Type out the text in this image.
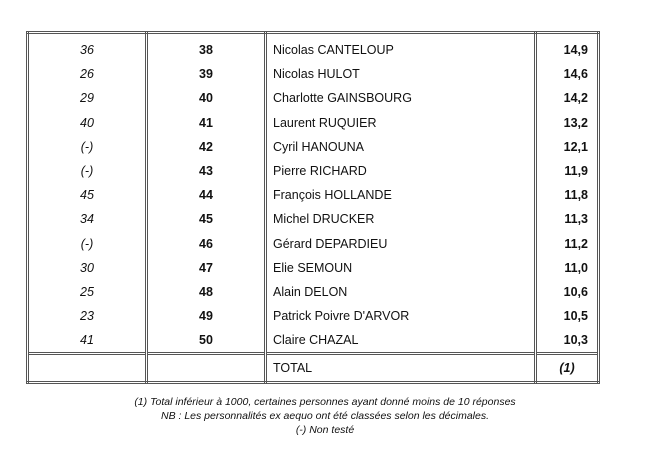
36	38	Nicolas CANTELOUP	14,9
26	39	Nicolas HULOT	14,6
29	40	Charlotte GAINSBOURG	14,2
40	41	Laurent RUQUIER	13,2
(-)	42	Cyril HANOUNA	12,1
(-)	43	Pierre RICHARD	11,9
45	44	François HOLLANDE	11,8
34	45	Michel DRUCKER	11,3
(-)	46	Gérard DEPARDIEU	11,2
30	47	Elie SEMOUN	11,0
25	48	Alain DELON	10,6
23	49	Patrick Poivre D'ARVOR	10,5
41	50	Claire CHAZAL	10,3
		TOTAL	(1)
(1) Total inférieur à 1000, certaines personnes ayant donné moins de 10 réponses
NB : Les personnalités ex aequo ont été classées selon les décimales.
(-) Non testé
